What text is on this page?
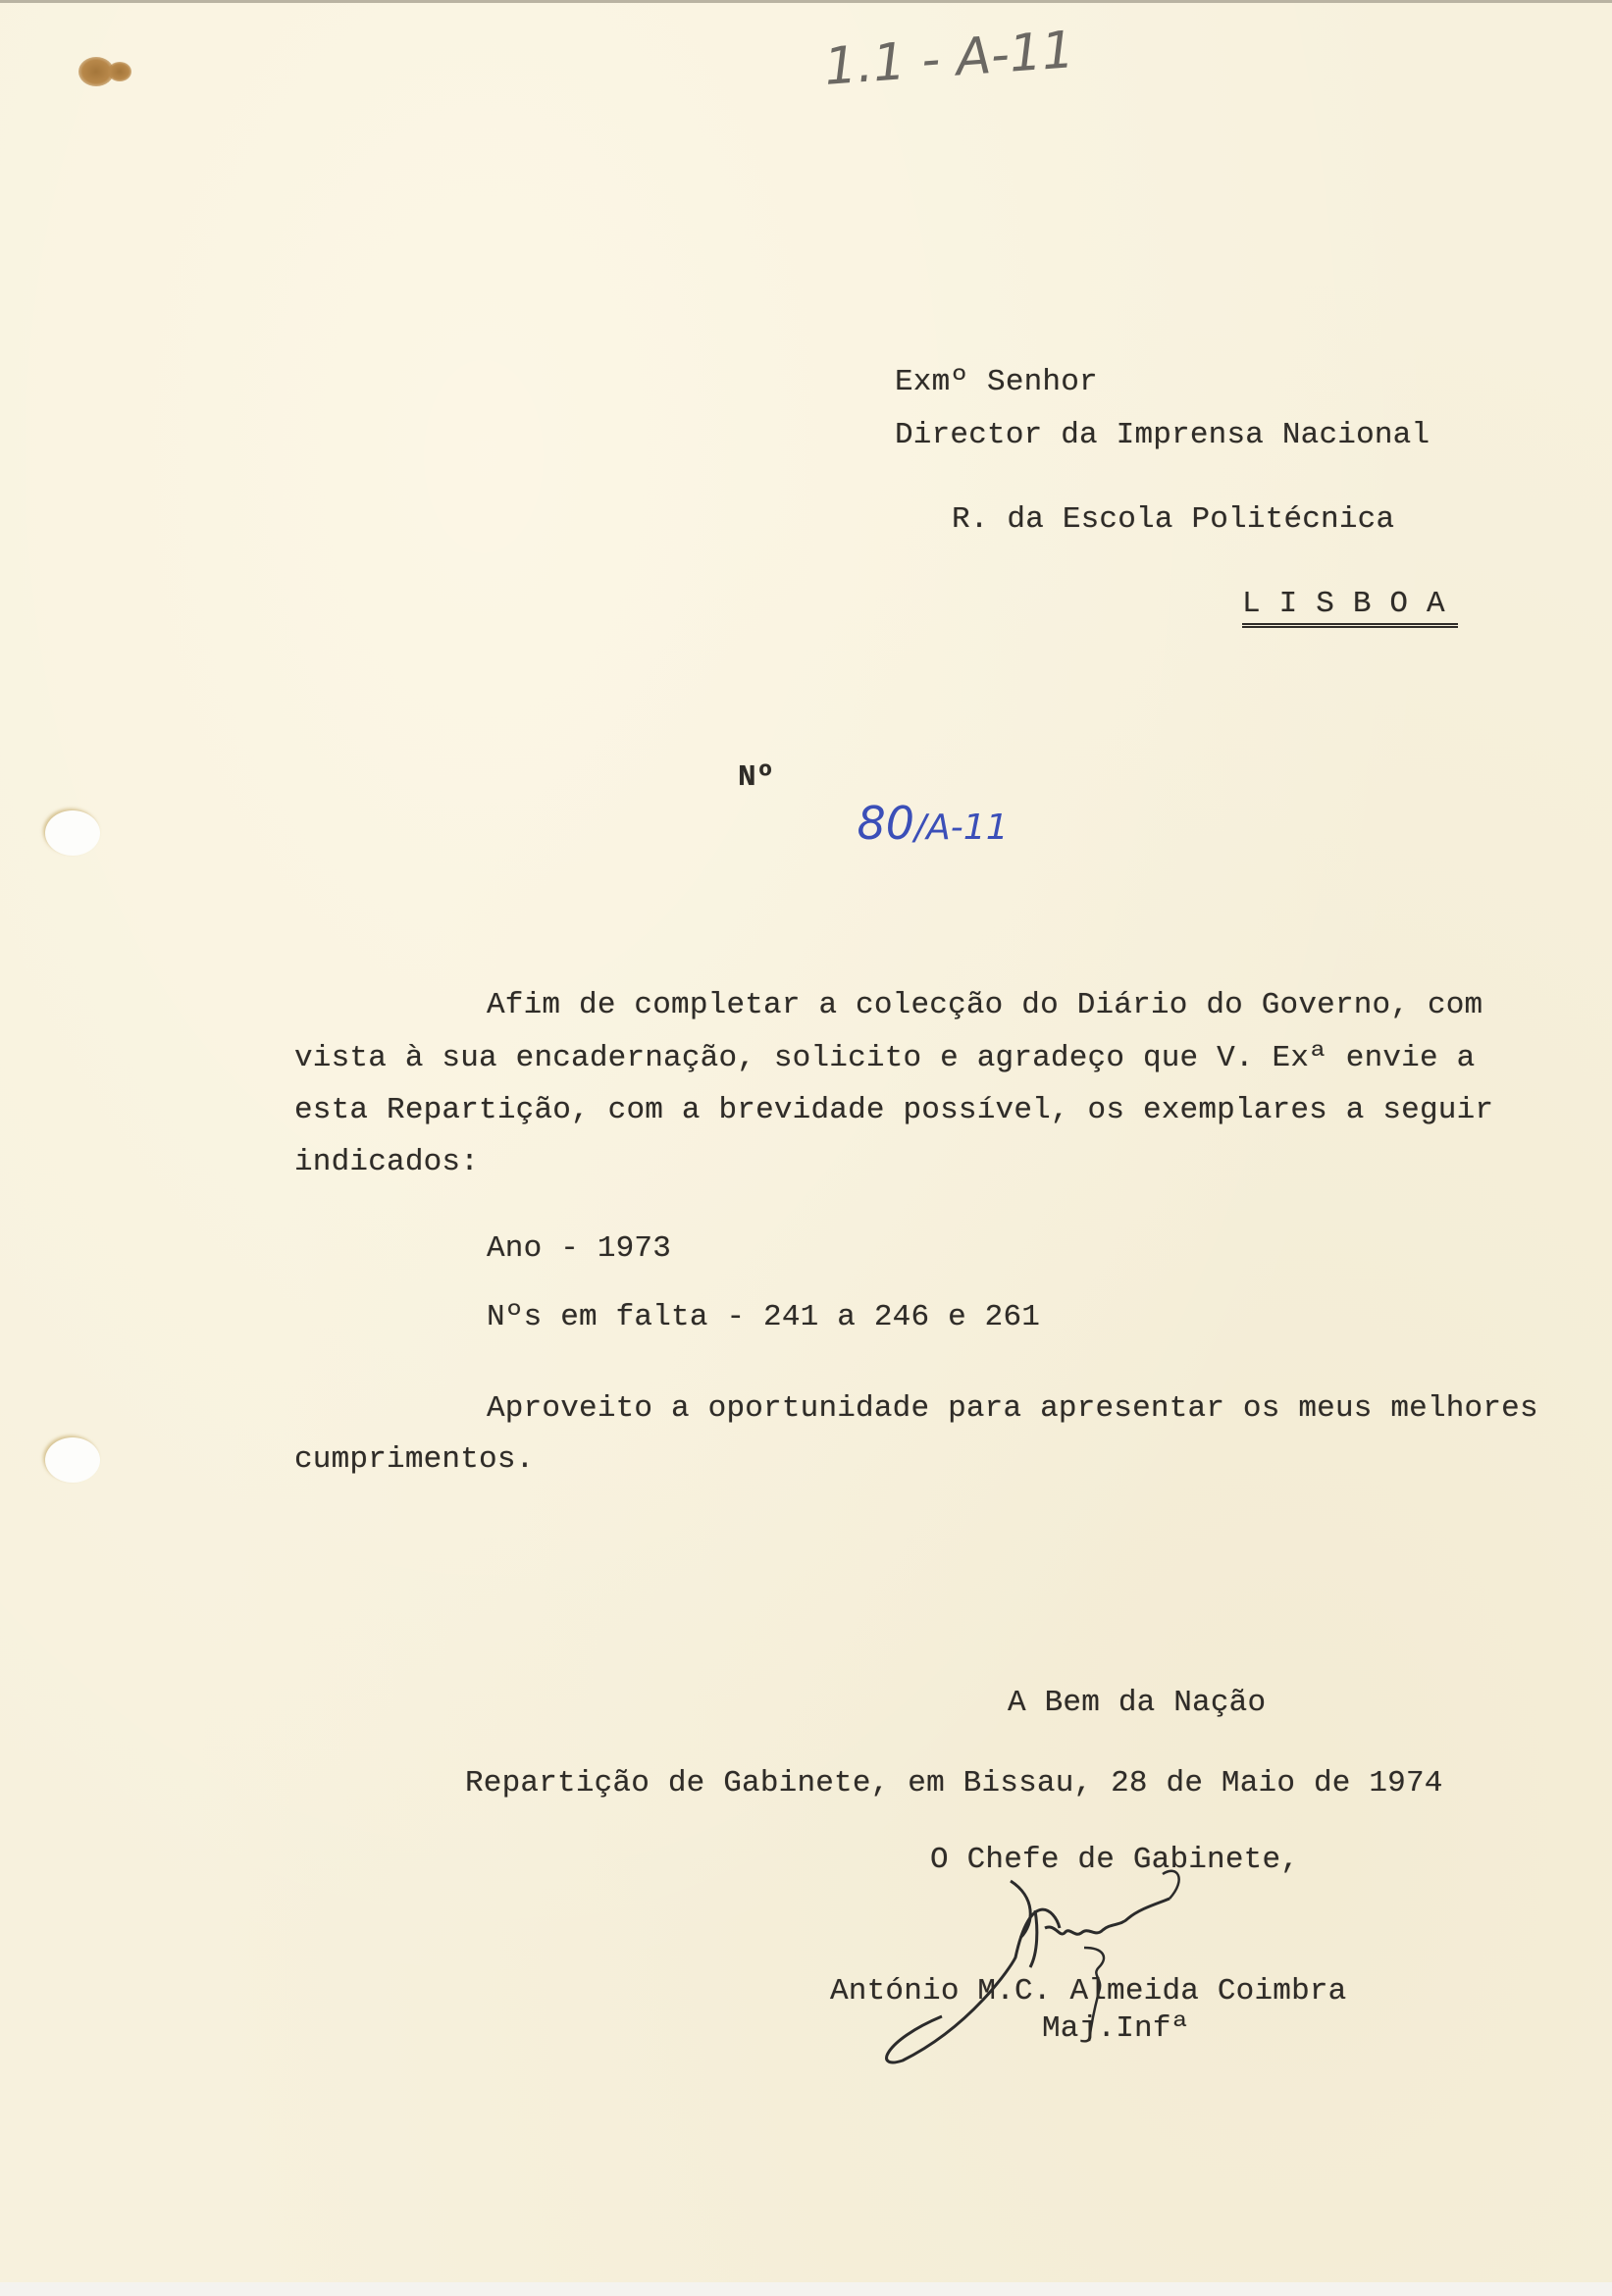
1.1 - A-11
Exmº Senhor
Director da Imprensa Nacional
R. da Escola Politécnica
L I S B O A
Nº

80/A-11

Afim de completar a colecção do Diário do Governo, com
vista à sua encadernação, solicito e agradeço que V. Exª envie a
esta Repartição, com a brevidade possível, os exemplares a seguir
indicados:
Ano - 1973
Nºs em falta - 241 a 246 e 261
Aproveito a oportunidade para apresentar os meus melhores
cumprimentos.
A Bem da Nação
Repartição de Gabinete, em Bissau, 28 de Maio de 1974
O Chefe de Gabinete,
António M.C. Almeida Coimbra
Maj.Infª
